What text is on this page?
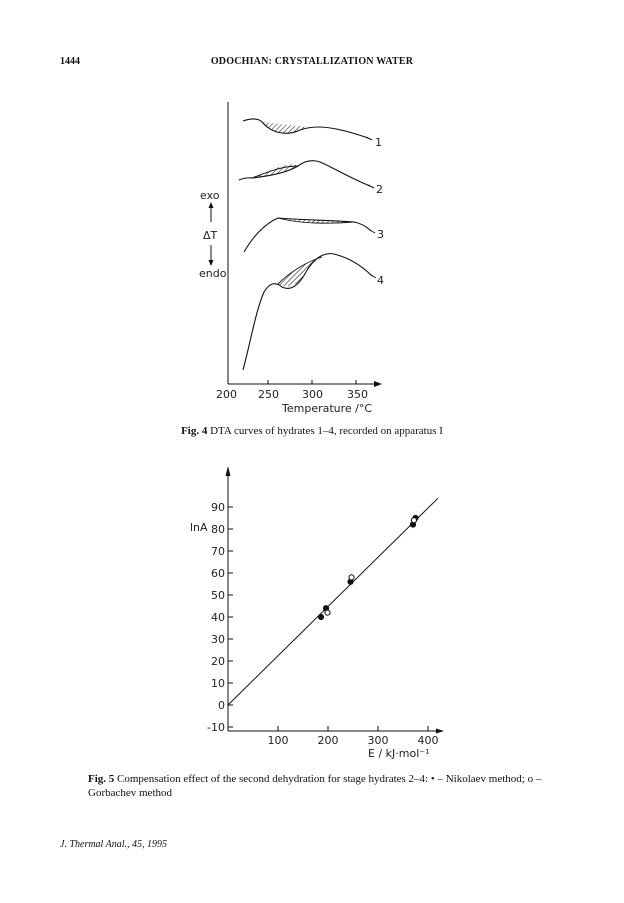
1444	ODOCHIAN: CRYSTALLIZATION WATER
1
2
3
4
exo
ΔT
endo
200 250 300 350
Temperature /°C
Fig. 4 DTA curves of hydrates 1–4, recorded on apparatus I
90
80
70
60
50
40
30
20
10
0
-10
100	200	300	400
lnA
E / kJ·mol⁻¹
Fig. 5 Compensation effect of the second dehydration for stage hydrates 2–4: • – Nikolaev method; o – Gorbachev method
J. Thermal Anal., 45, 1995
